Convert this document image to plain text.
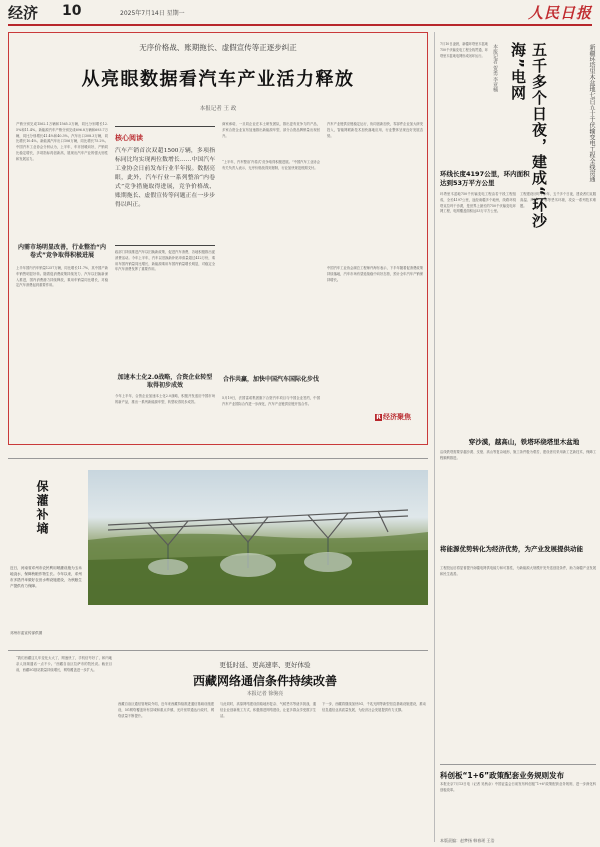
经济 10	2025年7月14日 星期一	人民日报
无序价格战、账期拖长、虚假宣传等正逐步纠正
从亮眼数据看汽车产业活力释放
本报记者 王 政
产销分别完成1562.1万辆和1565.3万辆，同比分别增长12.5%和11.4%。新能源汽车产销分别完成696.8万辆和693.7万辆，同比分别增长41.4%和40.3%。汽车出口308.3万辆，同比增长10.4%。新能源汽车出口106万辆，同比增长75.2%。中国汽车工业协会分析认为，上半年，车市回暖向好，产销同比稳定增长，多项指标再创新高，展现出汽车产业的强大韧性和发展活力。
内需市场明显改善，行业整治“内卷式”竞争取得积极进展
上半年国内汽车销量1257万辆，同比增长11.7%，其中国产新车销售明显好转。随着促消费政策持续发力、汽车以旧换新深入推进，国内消费潜力持续释放，乘用车销量同比增长，对稳定汽车消费起到重要作用。
核心阅读
汽车产销首次双超1500万辆，多项指标同比均实现两位数增长……中国汽车工业协会日前发布行业半年报。数据亮眼，此外，汽车行业一系列整治“内卷式”竞争措施取得进展，竞争价格战、账期拖长、虚假宣传等问题正在一步步得以纠正。
政部门持续推进汽车以旧换新政策，促进汽车消费，各地积极推出促消费活动。今年上半年，汽车以旧换新补贴申请量超过412万份，乘用车国内销量同比增长，新能源乘用车国内销量增长明显，对稳定全年汽车消费发挥了重要作用。
加速本土化2.0战略，合资企业转型取得初步成效
今年上半年，合资企业加速本土化2.0战略，积极开发适应中国市场的新产品，推出一系列新能源车型，转型取得初步成效。
商家承诺，一旦同企业在本土研发团队，推出更有竞争力的产品，多家合资企业宣布加速推出新能源车型，部分合资品牌销量出现回升。
“上半年，汽车整治‘内卷式’竞争取得积极进展。”中国汽车工业协会有关负责人表示，无序价格战得到遏制，行业加快规范账期支付。
合作共赢，加快中国汽车国际化步伐
5月19日，法国雷诺集团旗下合资汽车项目与中国企业签约，中国汽车产业国际合作进一步深化，汽车产业链供应链开放合作。
汽车产业链供应链稳定运行，协同创新加快，零部件企业加大研发投入，智能网联新技术加快落地应用，行业整体呈现良好发展态势。
中国汽车工业协会副总工程师许海东表示，下半年随着促消费政策持续落地，汽车市场有望延续稳中向好态势，预计全年汽车产销保持增长。
R 经济聚焦
新疆环塔里木盆地七百五十千伏输变电工程全线贯通
五千多个日夜，建成“环沙海”电网
本报记者 贺勇 李亚楠
7月10日凌晨，新疆环塔里木盆地750千伏输变电工程全线贯通，环塔里木盆地电网形成闭环运行。
环线长度4197公里，环内面积达到53万平方公里
环塔里木盆地750千伏输变电工程由若干段工程组成，全长4197公里，途经南疆多个地州，线路环绕塔克拉玛干沙漠，是世界上最长的750千伏输变电环网工程，电网覆盖面积达53万平方公里。
工程建设历时十余年，五千多个日夜，建设者们克服高温、风沙、严寒等恶劣环境，攻克一系列技术难题。
穿沙漠，越高山，铁塔环绕塔里木盆地
沿线铁塔需要穿越沙漠、戈壁、高山等复杂地形，施工条件极为艰苦，建设者们采用新工艺新技术，保障工程顺利推进。
将能源优势转化为经济优势，为产业发展提供动能
工程投运后将显著提升南疆电网供电能力和可靠性，为新能源大规模开发外送创造条件，助力南疆产业发展和民生改善。
科创板“1+6”政策配套业务规则发布
本报北京7月13日电（记者 吴秋余）中国证监会日前发布科创板“1+6”政策配套业务规则，进一步深化科创板改革。
本版责编：赵梦扬 韩春瑶 王浩
保灌补墒
近日，河南省邓州市农民利用喷灌设施为玉米地浇水，保障秋粮作物生长。今年以来，邓州市多措并举做好农田水利设施建设，为秋粮生产提供有力保障。
邓州市委宣传部供图
更低时延、更高速率、更好体验
西藏网络通信条件持续改善
本报记者 徐驹亮
“我们西藏这几年变化太大了，网速快了，手机信号好了，和内地亲人视频通话一点不卡。”西藏自治区拉萨市的牧民说。截至目前，西藏5G基站数量持续增长，网络覆盖进一步扩大。
西藏自治区通信管理局介绍，近年来西藏持续推进通信基础设施建设，5G网络覆盖所有县城和重点乡镇，光纤宽带通达行政村，网络质量不断提升。
与此同时，高原网络建设面临地形复杂、气候恶劣等诸多挑战，通信企业创新施工方式，积极推进网络建设，让更多群众享受数字生活。
下一步，西藏将继续加快5G、千兆光网等新型信息基础设施建设，推动信息通信业高质量发展，为经济社会发展提供有力支撑。
